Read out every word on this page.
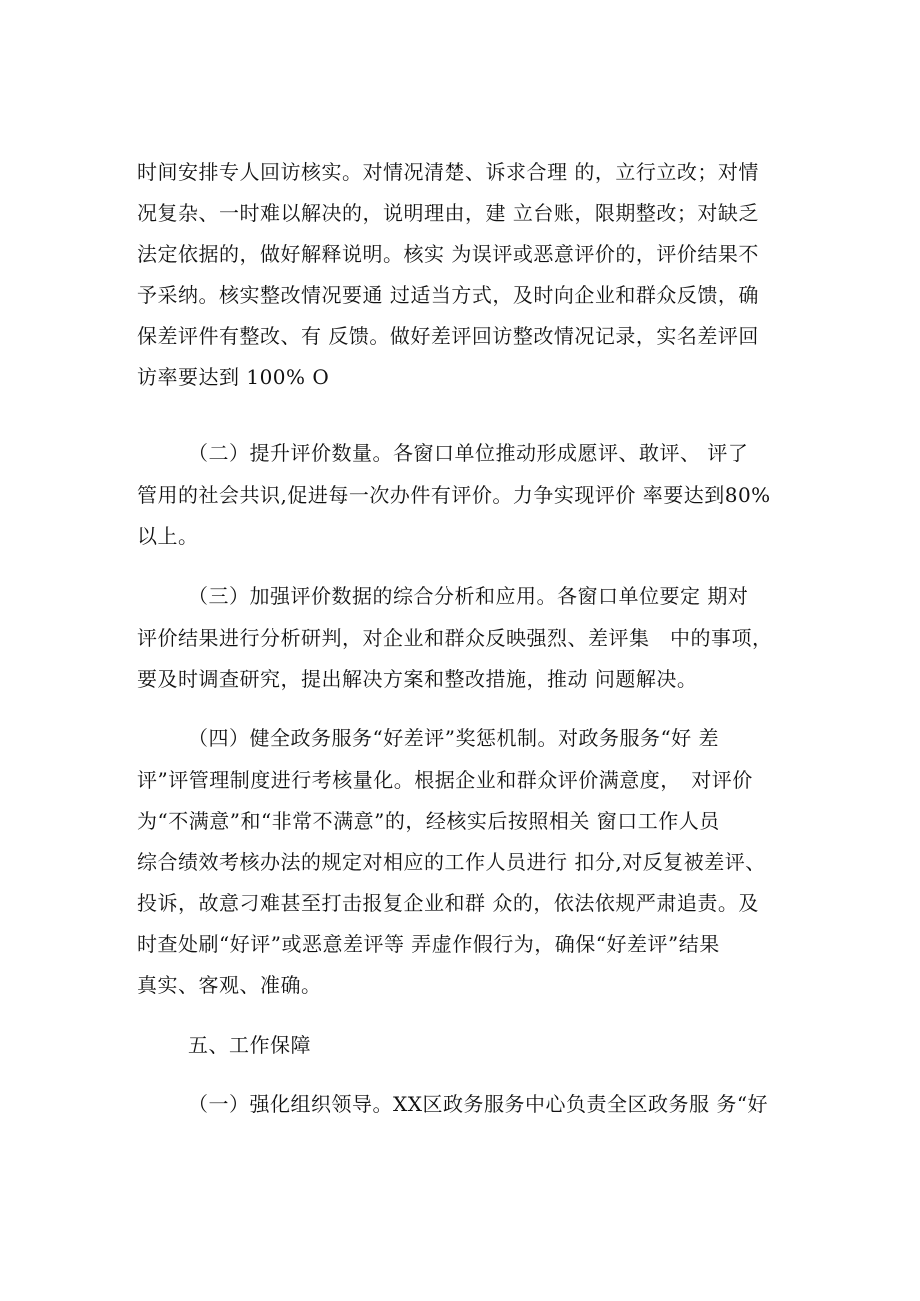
时间安排专人回访核实。对情况清楚、诉求合理 的，立行立改；对情
况复杂、一时难以解决的，说明理由，建 立台账，限期整改；对缺乏
法定依据的，做好解释说明。核实 为误评或恶意评价的，评价结果不
予采纳。核实整改情况要通 过适当方式，及时向企业和群众反馈，确
保差评件有整改、有 反馈。做好差评回访整改情况记录，实名差评回
访率要达到 100% O
（二）提升评价数量。各窗口单位推动形成愿评、敢评、 评了
管用的社会共识,促进每一次办件有评价。力争实现评价 率要达到80%
以上。
（三）加强评价数据的综合分析和应用。各窗口单位要定 期对
评价结果进行分析研判，对企业和群众反映强烈、差评集　中的事项，
要及时调查研究，提出解决方案和整改措施，推动 问题解决。
（四）健全政务服务“好差评”奖惩机制。对政务服务“好 差
评”评管理制度进行考核量化。根据企业和群众评价满意度，　对评价
为“不满意”和“非常不满意”的，经核实后按照相关 窗口工作人员
综合绩效考核办法的规定对相应的工作人员进行 扣分,对反复被差评、
投诉，故意刁难甚至打击报复企业和群 众的，依法依规严肃追责。及
时查处刷“好评”或恶意差评等 弄虚作假行为，确保“好差评”结果
真实、客观、准确。
五、工作保障
（一）强化组织领导。XX区政务服务中心负责全区政务服 务“好
